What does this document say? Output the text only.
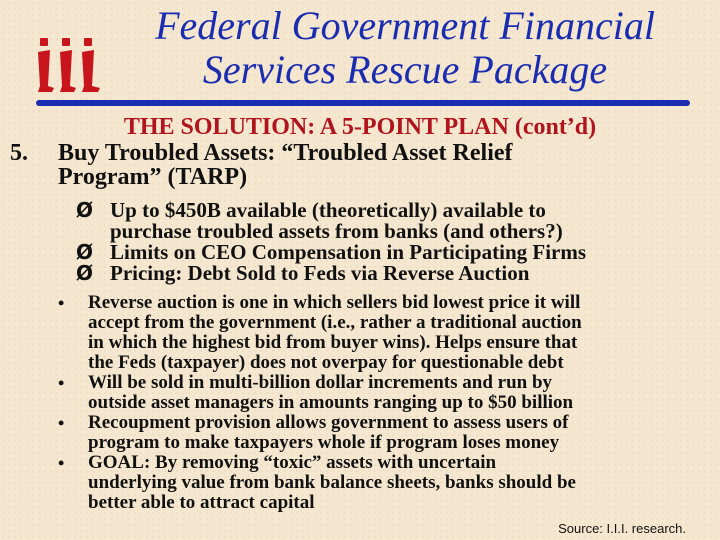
Federal Government Financial
Services Rescue Package
THE SOLUTION: A 5-POINT PLAN (cont’d)
5. Buy Troubled Assets: “Troubled Asset Relief
Program” (TARP)
Ø Up to $450B available (theoretically) available to
purchase troubled assets from banks (and others?)
Ø Limits on CEO Compensation in Participating Firms
Ø Pricing: Debt Sold to Feds via Reverse Auction
• Reverse auction is one in which sellers bid lowest price it will
accept from the government (i.e., rather a traditional auction
in which the highest bid from buyer wins). Helps ensure that
the Feds (taxpayer) does not overpay for questionable debt
• Will be sold in multi-billion dollar increments and run by
outside asset managers in amounts ranging up to $50 billion
• Recoupment provision allows government to assess users of
program to make taxpayers whole if program loses money
• GOAL: By removing “toxic” assets with uncertain
underlying value from bank balance sheets, banks should be
better able to attract capital
Source: I.I.I. research.
